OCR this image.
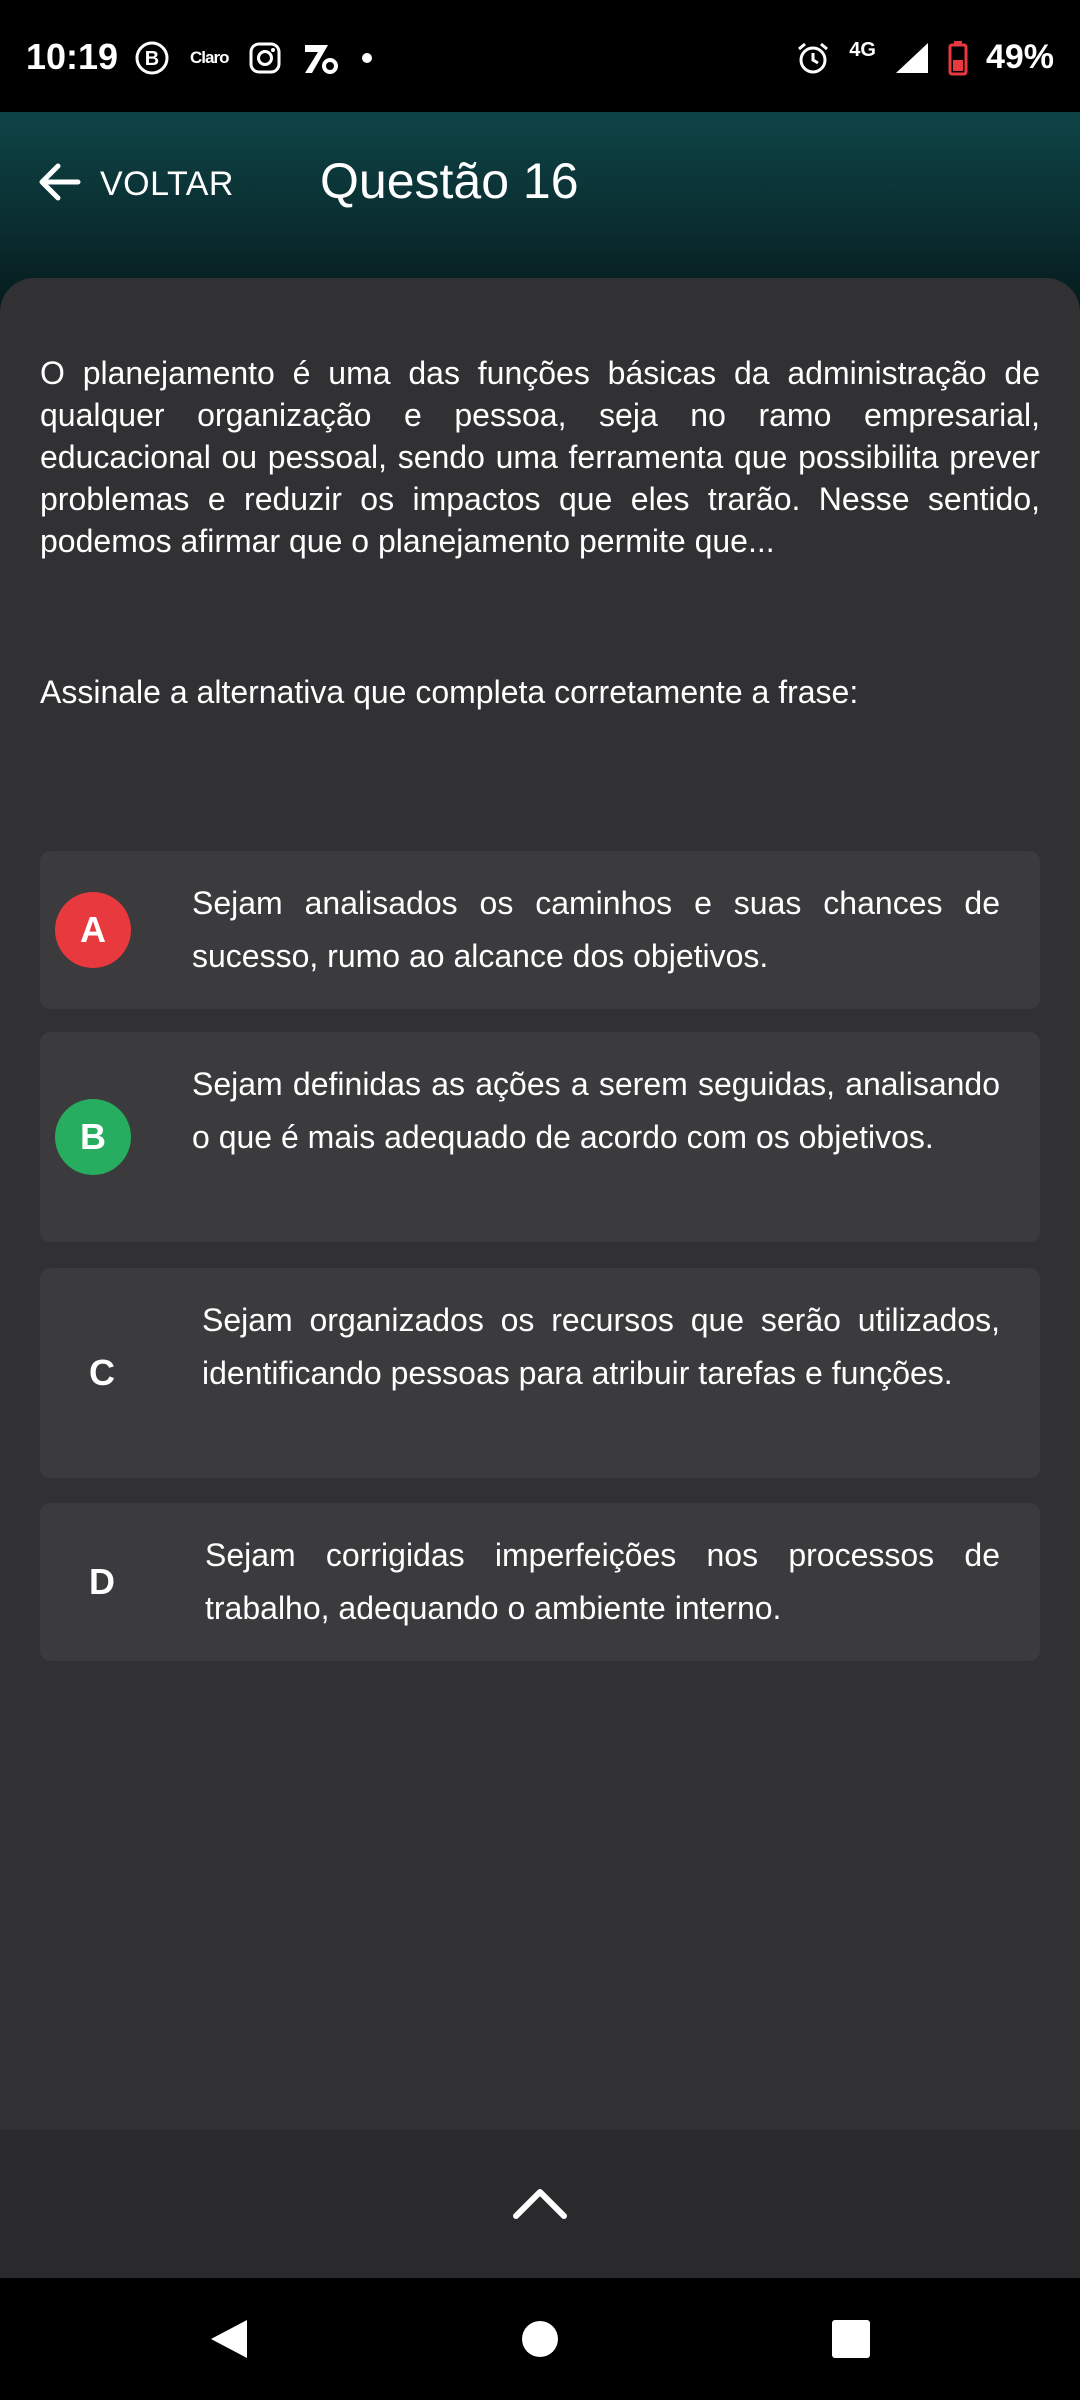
10:19 B Claro	4G	49%
VOLTAR Questão 16
O planejamento é uma das funções básicas da administração de qualquer organização e pessoa, seja no ramo empresarial, educacional ou pessoal, sendo uma ferramenta que possibilita prever problemas e reduzir os impactos que eles trarão. Nesse sentido, podemos afirmar que o planejamento permite que...
Assinale a alternativa que completa corretamente a frase:
A
Sejam analisados os caminhos e suas chances de sucesso, rumo ao alcance dos objetivos.
B
Sejam definidas as ações a serem seguidas, analisando o que é mais adequado de acordo com os objetivos.
C
Sejam organizados os recursos que serão utilizados, identificando pessoas para atribuir tarefas e funções.
D
Sejam corrigidas imperfeições nos processos de trabalho, adequando o ambiente interno.
